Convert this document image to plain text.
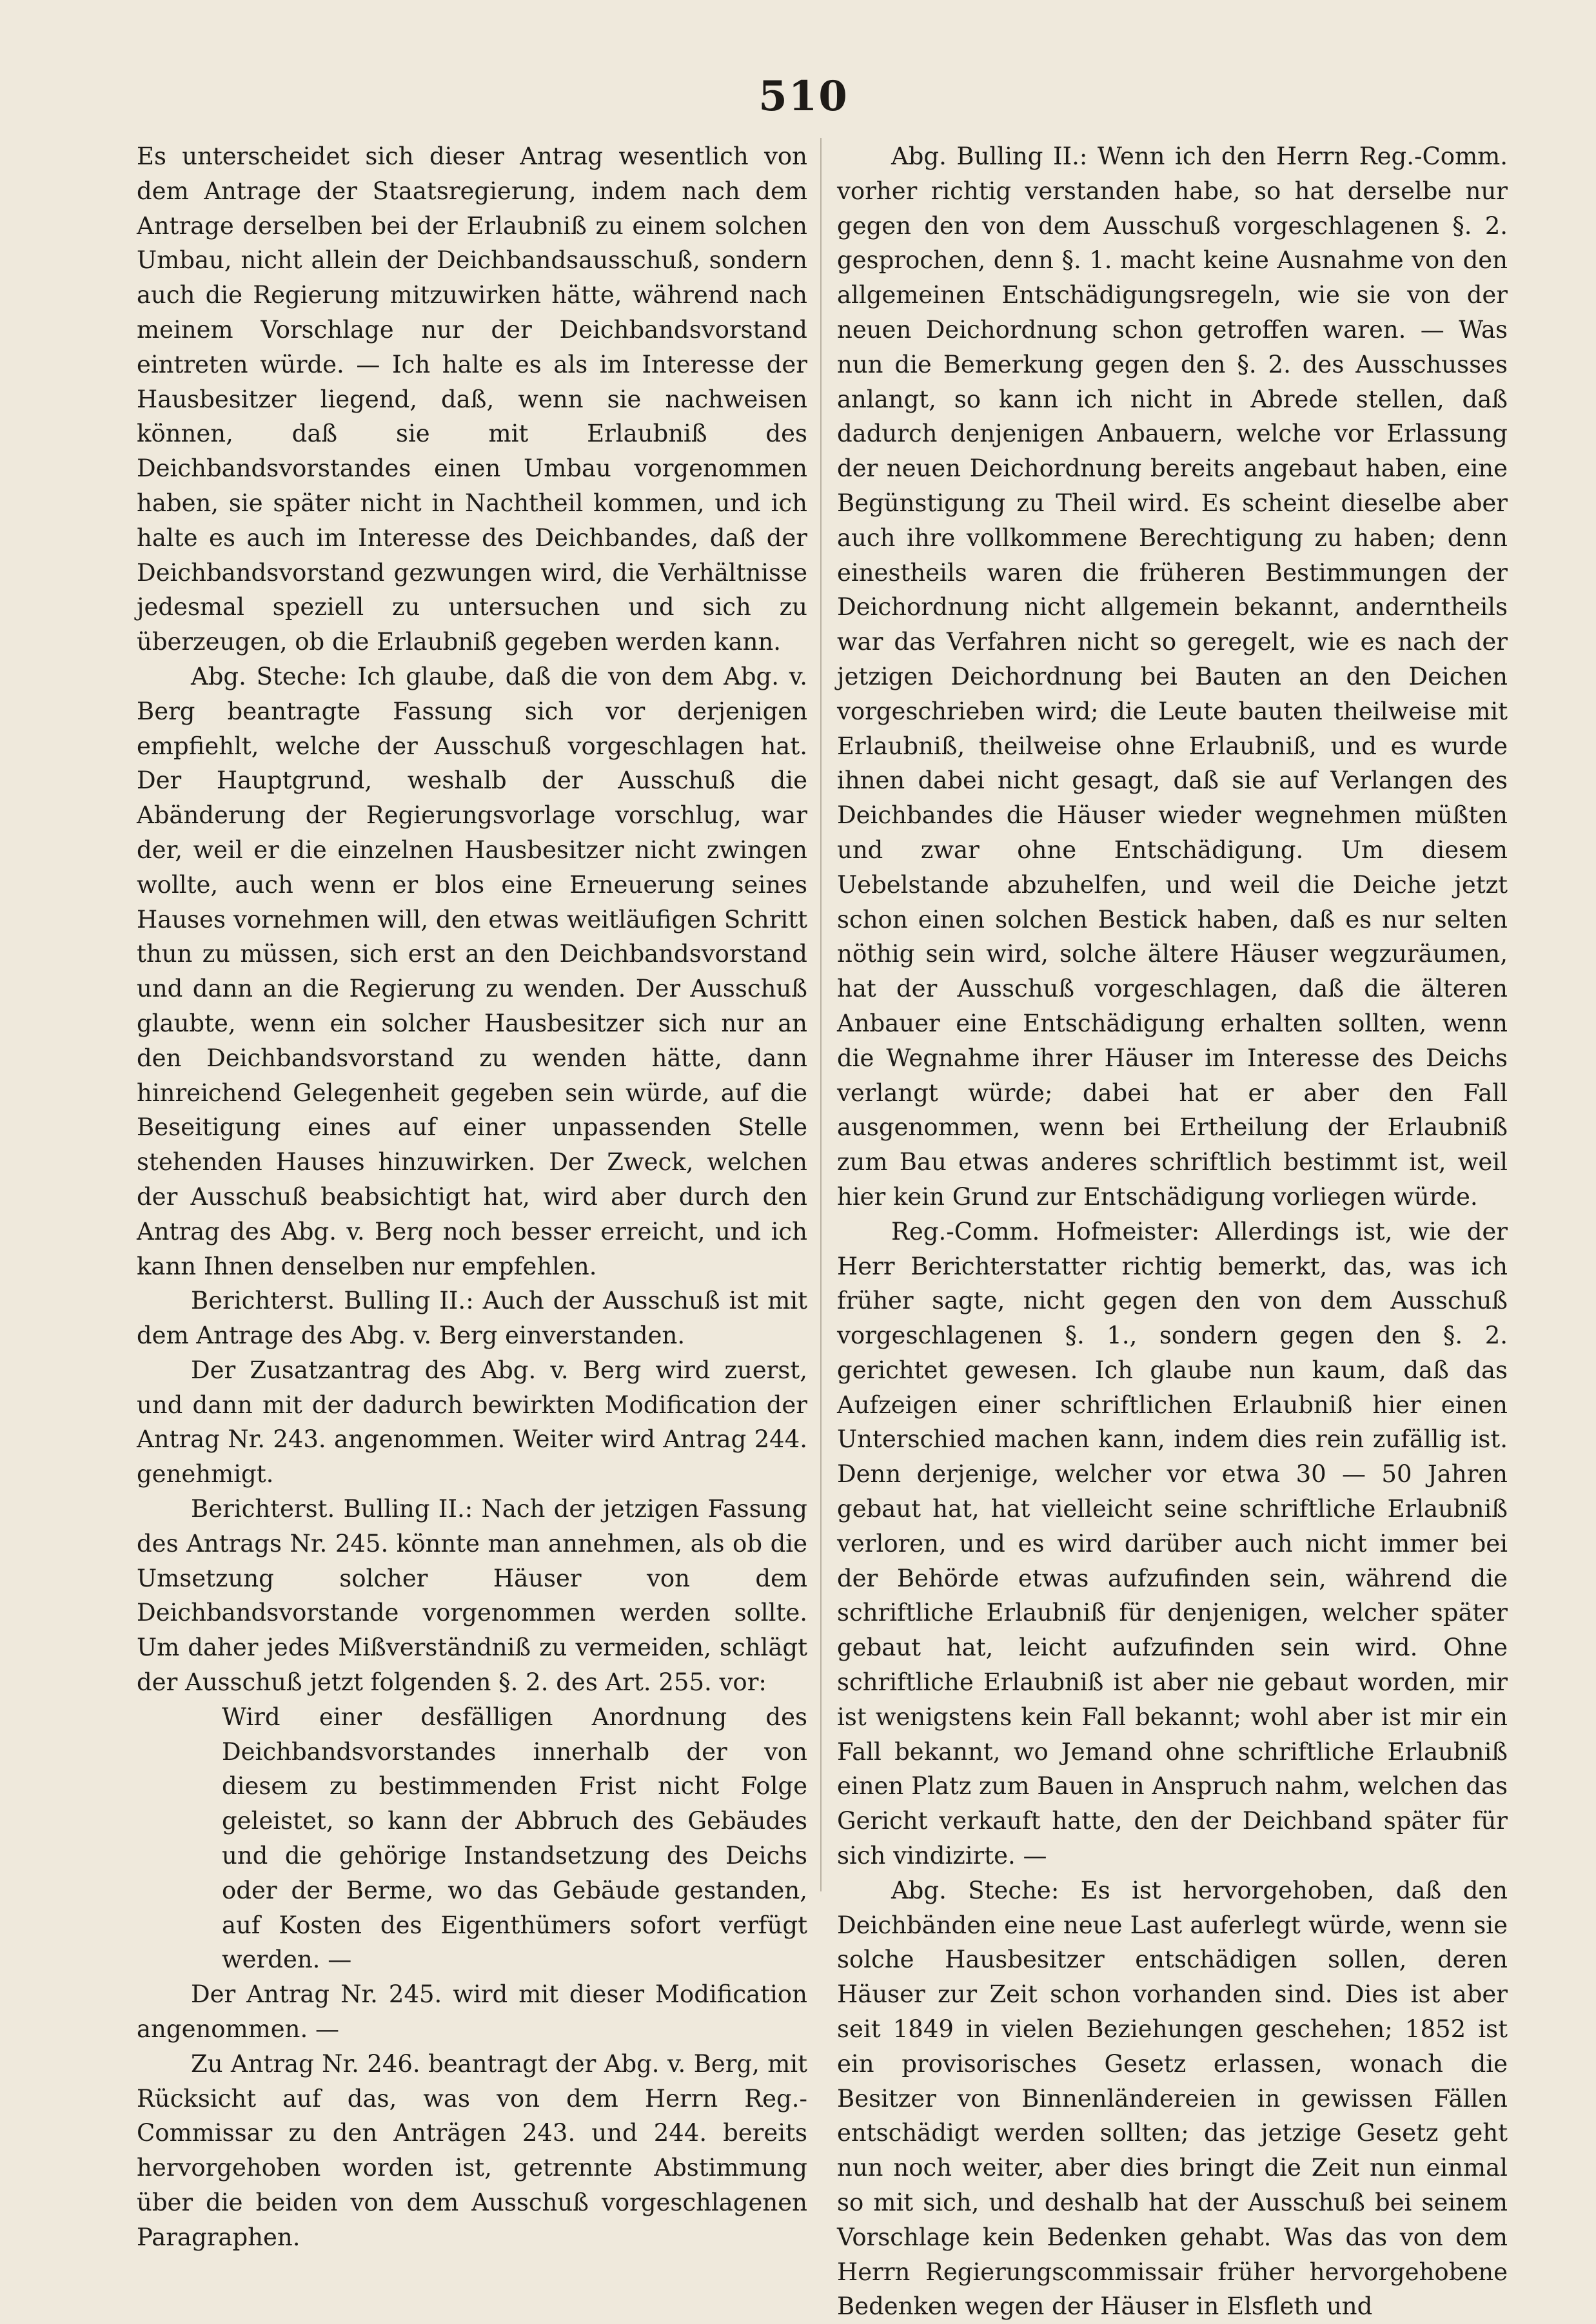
510

Es unterscheidet sich dieser Antrag wesentlich von dem Antrage der Staatsregierung, indem nach dem Antrage derselben bei der Erlaubniß zu einem solchen Umbau, nicht allein der Deichbandsausschuß, sondern auch die Regierung mitzuwirken hätte, während nach meinem Vorschlage nur der Deichbandsvorstand eintreten würde. — Ich halte es als im Interesse der Hausbesitzer liegend, daß, wenn sie nachweisen können, daß sie mit Erlaubniß des Deichbandsvorstandes einen Umbau vorgenommen haben, sie später nicht in Nachtheil kommen, und ich halte es auch im Interesse des Deichbandes, daß der Deichbandsvorstand gezwungen wird, die Verhältnisse jedesmal speziell zu untersuchen und sich zu überzeugen, ob die Erlaubniß gegeben werden kann.

Abg. Steche: Ich glaube, daß die von dem Abg. v. Berg beantragte Fassung sich vor derjenigen empfiehlt, welche der Ausschuß vorgeschlagen hat. Der Hauptgrund, weshalb der Ausschuß die Abänderung der Regierungsvorlage vorschlug, war der, weil er die einzelnen Hausbesitzer nicht zwingen wollte, auch wenn er blos eine Erneuerung seines Hauses vornehmen will, den etwas weitläufigen Schritt thun zu müssen, sich erst an den Deichbandsvorstand und dann an die Regierung zu wenden. Der Ausschuß glaubte, wenn ein solcher Hausbesitzer sich nur an den Deichbandsvorstand zu wenden hätte, dann hinreichend Gelegenheit gegeben sein würde, auf die Beseitigung eines auf einer unpassenden Stelle stehenden Hauses hinzuwirken. Der Zweck, welchen der Ausschuß beabsichtigt hat, wird aber durch den Antrag des Abg. v. Berg noch besser erreicht, und ich kann Ihnen denselben nur empfehlen.

Berichterst. Bulling II.: Auch der Ausschuß ist mit dem Antrage des Abg. v. Berg einverstanden.

Der Zusatzantrag des Abg. v. Berg wird zuerst, und dann mit der dadurch bewirkten Modification der Antrag Nr. 243. angenommen. Weiter wird Antrag 244. genehmigt.

Berichterst. Bulling II.: Nach der jetzigen Fassung des Antrags Nr. 245. könnte man annehmen, als ob die Umsetzung solcher Häuser von dem Deichbandsvorstande vorgenommen werden sollte. Um daher jedes Mißverständniß zu vermeiden, schlägt der Ausschuß jetzt folgenden §. 2. des Art. 255. vor:

Wird einer desfälligen Anordnung des Deichbandsvorstandes innerhalb der von diesem zu bestimmenden Frist nicht Folge geleistet, so kann der Abbruch des Gebäudes und die gehörige Instandsetzung des Deichs oder der Berme, wo das Gebäude gestanden, auf Kosten des Eigenthümers sofort verfügt werden. —

Der Antrag Nr. 245. wird mit dieser Modification angenommen. —

Zu Antrag Nr. 246. beantragt der Abg. v. Berg, mit Rücksicht auf das, was von dem Herrn Reg.-Commissar zu den Anträgen 243. und 244. bereits hervorgehoben worden ist, getrennte Abstimmung über die beiden von dem Ausschuß vorgeschlagenen Paragraphen.

Abg. Bulling II.: Wenn ich den Herrn Reg.-Comm. vorher richtig verstanden habe, so hat derselbe nur gegen den von dem Ausschuß vorgeschlagenen §. 2. gesprochen, denn §. 1. macht keine Ausnahme von den allgemeinen Entschädigungsregeln, wie sie von der neuen Deichordnung schon getroffen waren. — Was nun die Bemerkung gegen den §. 2. des Ausschusses anlangt, so kann ich nicht in Abrede stellen, daß dadurch denjenigen Anbauern, welche vor Erlassung der neuen Deichordnung bereits angebaut haben, eine Begünstigung zu Theil wird. Es scheint dieselbe aber auch ihre vollkommene Berechtigung zu haben; denn einestheils waren die früheren Bestimmungen der Deichordnung nicht allgemein bekannt, anderntheils war das Verfahren nicht so geregelt, wie es nach der jetzigen Deichordnung bei Bauten an den Deichen vorgeschrieben wird; die Leute bauten theilweise mit Erlaubniß, theilweise ohne Erlaubniß, und es wurde ihnen dabei nicht gesagt, daß sie auf Verlangen des Deichbandes die Häuser wieder wegnehmen müßten und zwar ohne Entschädigung. Um diesem Uebelstande abzuhelfen, und weil die Deiche jetzt schon einen solchen Bestick haben, daß es nur selten nöthig sein wird, solche ältere Häuser wegzuräumen, hat der Ausschuß vorgeschlagen, daß die älteren Anbauer eine Entschädigung erhalten sollten, wenn die Wegnahme ihrer Häuser im Interesse des Deichs verlangt würde; dabei hat er aber den Fall ausgenommen, wenn bei Ertheilung der Erlaubniß zum Bau etwas anderes schriftlich bestimmt ist, weil hier kein Grund zur Entschädigung vorliegen würde.

Reg.-Comm. Hofmeister: Allerdings ist, wie der Herr Berichterstatter richtig bemerkt, das, was ich früher sagte, nicht gegen den von dem Ausschuß vorgeschlagenen §. 1., sondern gegen den §. 2. gerichtet gewesen. Ich glaube nun kaum, daß das Aufzeigen einer schriftlichen Erlaubniß hier einen Unterschied machen kann, indem dies rein zufällig ist. Denn derjenige, welcher vor etwa 30 — 50 Jahren gebaut hat, hat vielleicht seine schriftliche Erlaubniß verloren, und es wird darüber auch nicht immer bei der Behörde etwas aufzufinden sein, während die schriftliche Erlaubniß für denjenigen, welcher später gebaut hat, leicht aufzufinden sein wird. Ohne schriftliche Erlaubniß ist aber nie gebaut worden, mir ist wenigstens kein Fall bekannt; wohl aber ist mir ein Fall bekannt, wo Jemand ohne schriftliche Erlaubniß einen Platz zum Bauen in Anspruch nahm, welchen das Gericht verkauft hatte, den der Deichband später für sich vindizirte. —

Abg. Steche: Es ist hervorgehoben, daß den Deichbänden eine neue Last auferlegt würde, wenn sie solche Hausbesitzer entschädigen sollen, deren Häuser zur Zeit schon vorhanden sind. Dies ist aber seit 1849 in vielen Beziehungen geschehen; 1852 ist ein provisorisches Gesetz erlassen, wonach die Besitzer von Binnenländereien in gewissen Fällen entschädigt werden sollten; das jetzige Gesetz geht nun noch weiter, aber dies bringt die Zeit nun einmal so mit sich, und deshalb hat der Ausschuß bei seinem Vorschlage kein Bedenken gehabt. Was das von dem Herrn Regierungscommissair früher hervorgehobene Bedenken wegen der Häuser in Elsfleth und
